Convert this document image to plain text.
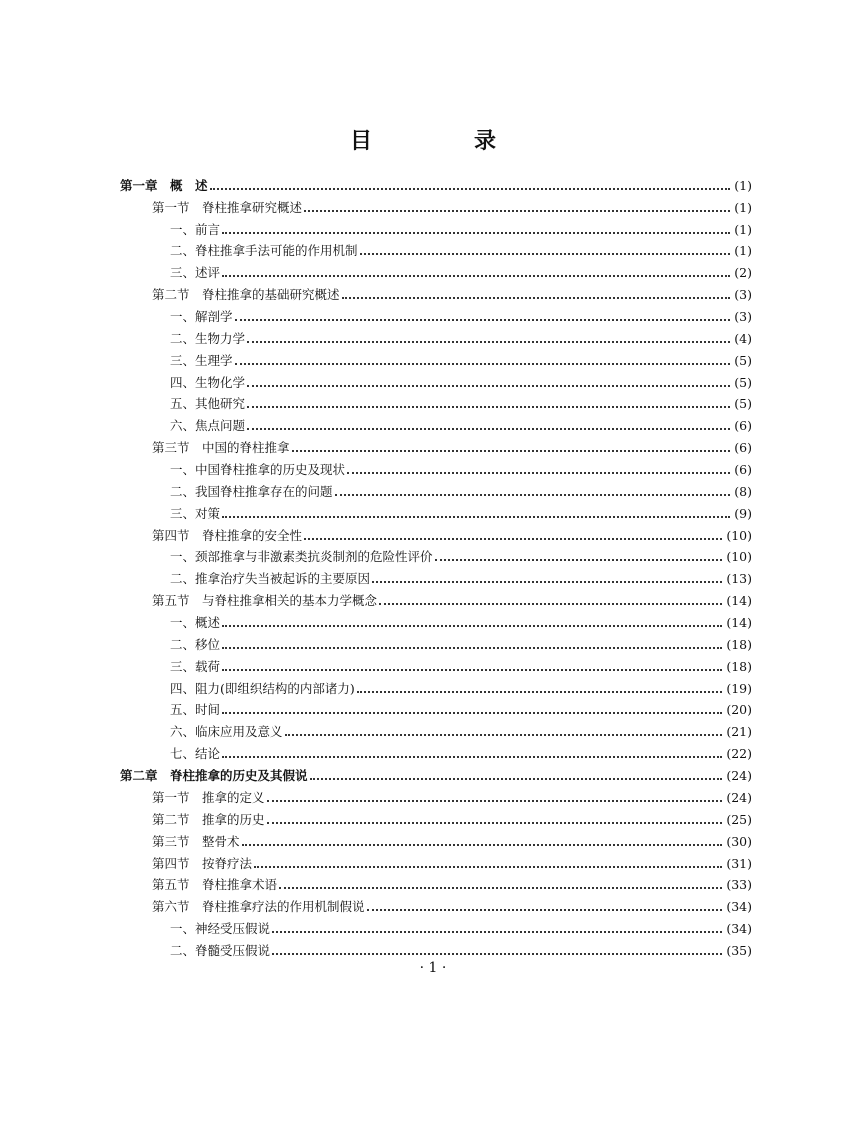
目　录
第一章　概　述	(1)
第一节　脊柱推拿研究概述	(1)
一、前言	(1)
二、脊柱推拿手法可能的作用机制	(1)
三、述评	(2)
第二节　脊柱推拿的基础研究概述	(3)
一、解剖学	(3)
二、生物力学	(4)
三、生理学	(5)
四、生物化学	(5)
五、其他研究	(5)
六、焦点问题	(6)
第三节　中国的脊柱推拿	(6)
一、中国脊柱推拿的历史及现状	(6)
二、我国脊柱推拿存在的问题	(8)
三、对策	(9)
第四节　脊柱推拿的安全性	(10)
一、颈部推拿与非激素类抗炎制剂的危险性评价	(10)
二、推拿治疗失当被起诉的主要原因	(13)
第五节　与脊柱推拿相关的基本力学概念	(14)
一、概述	(14)
二、移位	(18)
三、载荷	(18)
四、阻力(即组织结构的内部诸力)	(19)
五、时间	(20)
六、临床应用及意义	(21)
七、结论	(22)
第二章　脊柱推拿的历史及其假说	(24)
第一节　推拿的定义	(24)
第二节　推拿的历史	(25)
第三节　整骨术	(30)
第四节　按脊疗法	(31)
第五节　脊柱推拿术语	(33)
第六节　脊柱推拿疗法的作用机制假说	(34)
一、神经受压假说	(34)
二、脊髓受压假说	(35)
· 1 ·
